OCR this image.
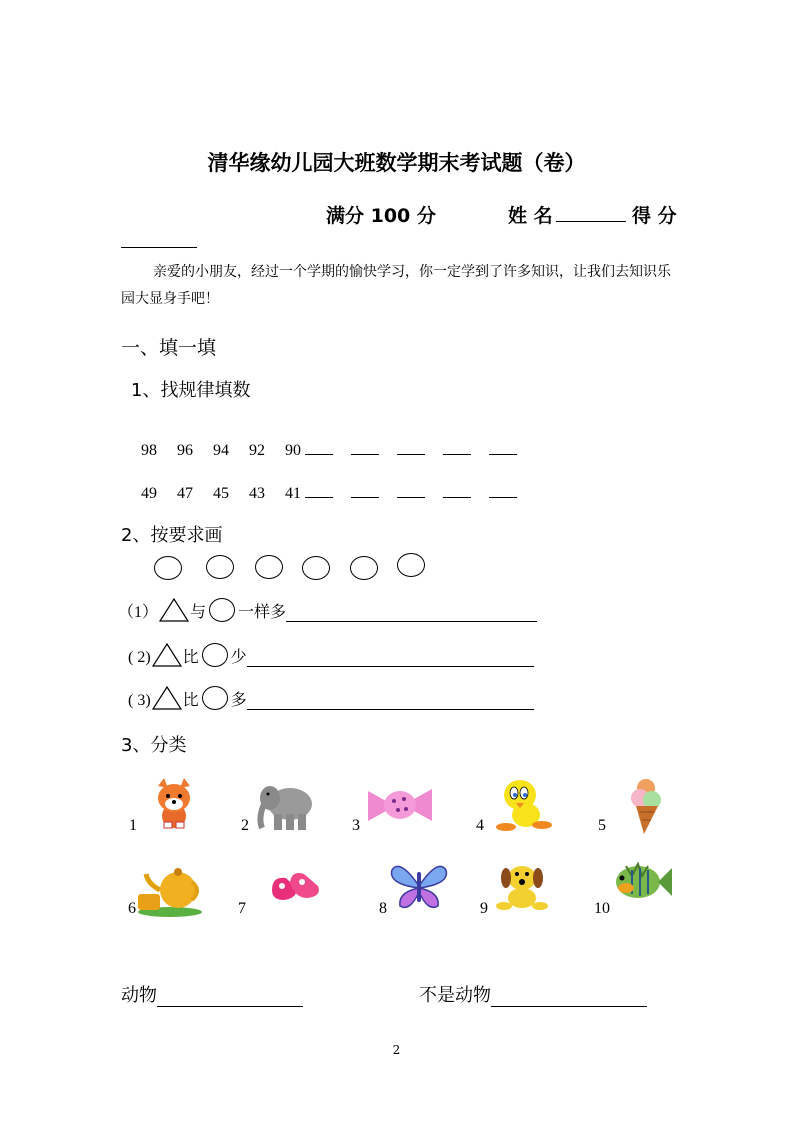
清华缘幼儿园大班数学期末考试题（卷）
满分 100 分	姓 名	得 分
亲爱的小朋友，经过一个学期的愉快学习，你一定学到了许多知识，让我们去知识乐园大显身手吧！
一、填一填
1、找规律填数
98 96 94 92 90
49 47 45 43 41
2、按要求画
（1） 与 一样多
( 2) 比 少
( 3) 比 多
3、分类
1	2	3	4	5
6	7	8	9	10
动物	不是动物
2
